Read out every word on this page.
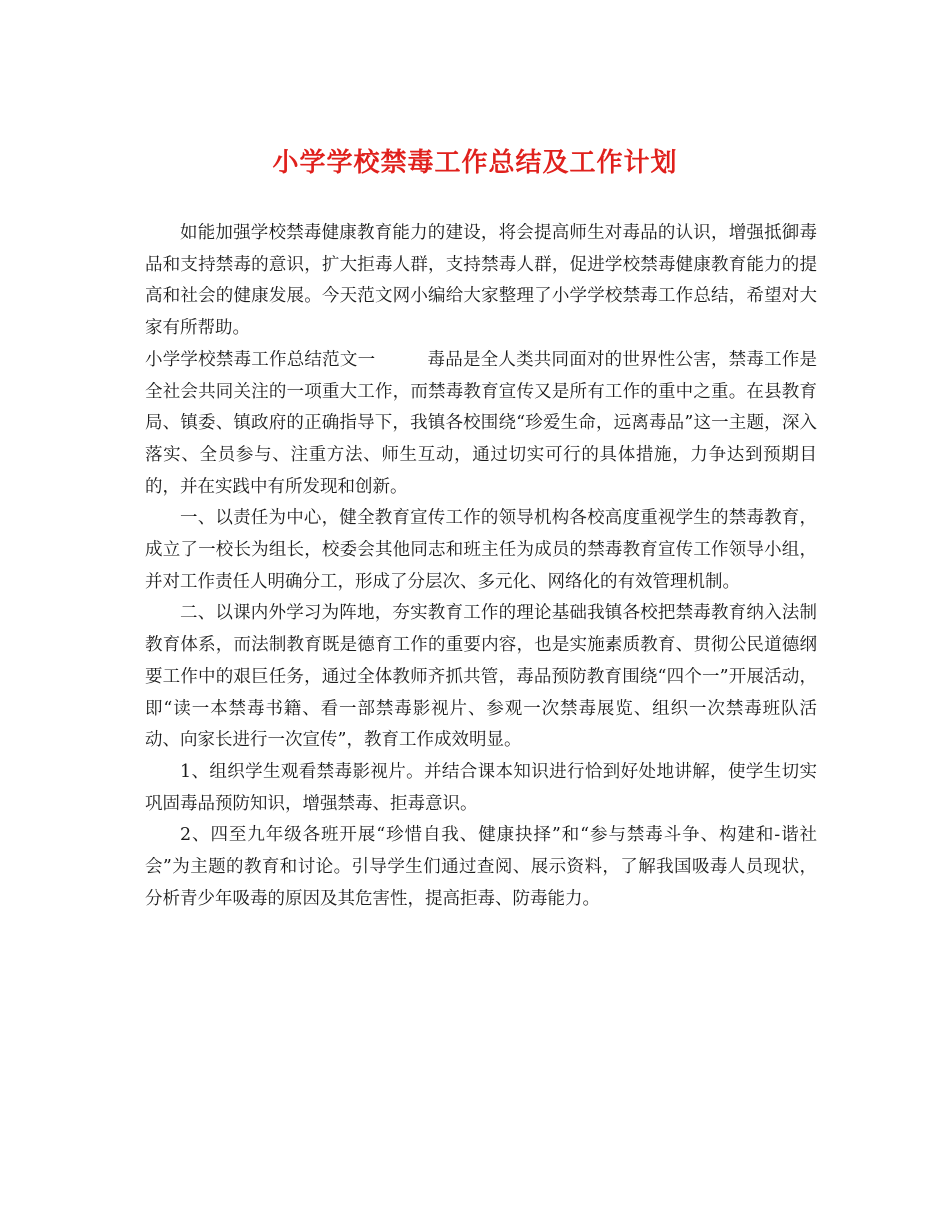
小学学校禁毒工作总结及工作计划

如能加强学校禁毒健康教育能力的建设，将会提高师生对毒品的认识，增强抵御毒品和支持禁毒的意识，扩大拒毒人群，支持禁毒人群，促进学校禁毒健康教育能力的提高和社会的健康发展。今天范文网小编给大家整理了小学学校禁毒工作总结，希望对大家有所帮助。

小学学校禁毒工作总结范文一	毒品是全人类共同面对的世界性公害，禁毒工作是全社会共同关注的一项重大工作，而禁毒教育宣传又是所有工作的重中之重。在县教育局、镇委、镇政府的正确指导下，我镇各校围绕“珍爱生命，远离毒品”这一主题，深入落实、全员参与、注重方法、师生互动，通过切实可行的具体措施，力争达到预期目的，并在实践中有所发现和创新。

一、以责任为中心，健全教育宣传工作的领导机构各校高度重视学生的禁毒教育，成立了一校长为组长，校委会其他同志和班主任为成员的禁毒教育宣传工作领导小组，并对工作责任人明确分工，形成了分层次、多元化、网络化的有效管理机制。

二、以课内外学习为阵地，夯实教育工作的理论基础我镇各校把禁毒教育纳入法制教育体系，而法制教育既是德育工作的重要内容，也是实施素质教育、贯彻公民道德纲要工作中的艰巨任务，通过全体教师齐抓共管，毒品预防教育围绕“四个一”开展活动，即“读一本禁毒书籍、看一部禁毒影视片、参观一次禁毒展览、组织一次禁毒班队活动、向家长进行一次宣传”，教育工作成效明显。

1、组织学生观看禁毒影视片。并结合课本知识进行恰到好处地讲解，使学生切实巩固毒品预防知识，增强禁毒、拒毒意识。

2、四至九年级各班开展“珍惜自我、健康抉择”和“参与禁毒斗争、构建和-谐社会”为主题的教育和讨论。引导学生们通过查阅、展示资料，了解我国吸毒人员现状，分析青少年吸毒的原因及其危害性，提高拒毒、防毒能力。
